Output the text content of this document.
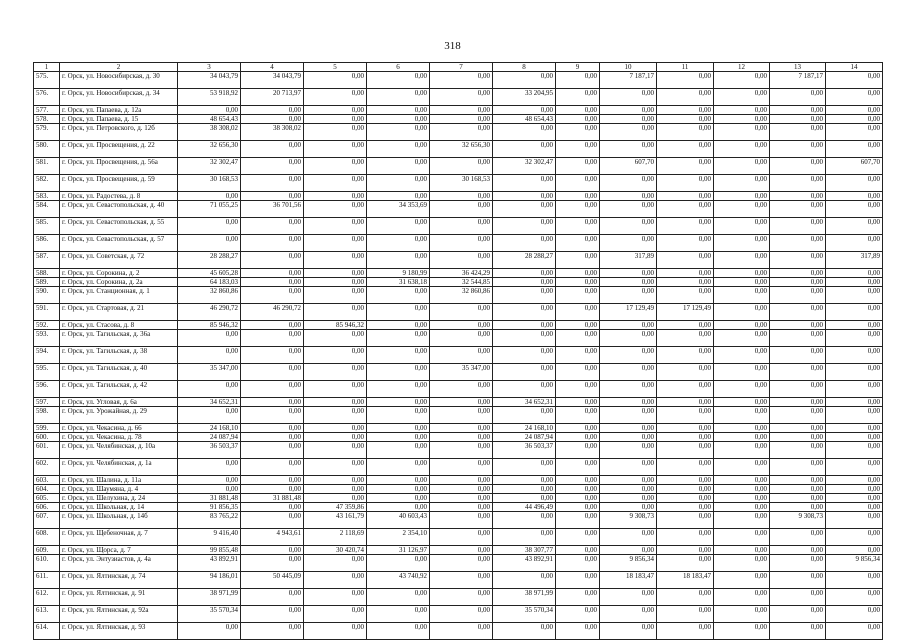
318
1	2	3	4	5	6	7	8	9	10	11	12	13	14
575.	г. Орск, ул. Новосибирская, д. 30	34 043,79	34 043,79	0,00	0,00	0,00	0,00	0,00	7 187,17	0,00	0,00	7 187,17	0,00
576.	г. Орск, ул. Новосибирская, д. 34	53 918,92	20 713,97	0,00	0,00	0,00	33 204,95	0,00	0,00	0,00	0,00	0,00	0,00
577.	г. Орск, ул. Папаева, д. 12а	0,00	0,00	0,00	0,00	0,00	0,00	0,00	0,00	0,00	0,00	0,00	0,00
578.	г. Орск, ул. Папаева, д. 15	48 654,43	0,00	0,00	0,00	0,00	48 654,43	0,00	0,00	0,00	0,00	0,00	0,00
579.	г. Орск, ул. Петровского, д. 12б	38 308,02	38 308,02	0,00	0,00	0,00	0,00	0,00	0,00	0,00	0,00	0,00	0,00
580.	г. Орск, ул. Просвещения, д. 22	32 656,30	0,00	0,00	0,00	32 656,30	0,00	0,00	0,00	0,00	0,00	0,00	0,00
581.	г. Орск, ул. Просвещения, д. 56а	32 302,47	0,00	0,00	0,00	0,00	32 302,47	0,00	607,70	0,00	0,00	0,00	607,70
582.	г. Орск, ул. Просвещения, д. 59	30 168,53	0,00	0,00	0,00	30 168,53	0,00	0,00	0,00	0,00	0,00	0,00	0,00
583.	г. Орск, ул. Радостева, д. 8	0,00	0,00	0,00	0,00	0,00	0,00	0,00	0,00	0,00	0,00	0,00	0,00
584.	г. Орск, ул. Севастопольская, д. 40	71 055,25	36 701,56	0,00	34 353,69	0,00	0,00	0,00	0,00	0,00	0,00	0,00	0,00
585.	г. Орск, ул. Севастопольская, д. 55	0,00	0,00	0,00	0,00	0,00	0,00	0,00	0,00	0,00	0,00	0,00	0,00
586.	г. Орск, ул. Севастопольская, д. 57	0,00	0,00	0,00	0,00	0,00	0,00	0,00	0,00	0,00	0,00	0,00	0,00
587.	г. Орск, ул. Советская, д. 72	28 288,27	0,00	0,00	0,00	0,00	28 288,27	0,00	317,89	0,00	0,00	0,00	317,89
588.	г. Орск, ул. Сорокина, д. 2	45 605,28	0,00	0,00	9 180,99	36 424,29	0,00	0,00	0,00	0,00	0,00	0,00	0,00
589.	г. Орск, ул. Сорокина, д. 2а	64 183,03	0,00	0,00	31 638,18	32 544,85	0,00	0,00	0,00	0,00	0,00	0,00	0,00
590.	г. Орск, ул. Станционная, д. 1	32 860,86	0,00	0,00	0,00	32 860,86	0,00	0,00	0,00	0,00	0,00	0,00	0,00
591.	г. Орск, ул. Стартовая, д. 21	46 290,72	46 290,72	0,00	0,00	0,00	0,00	0,00	17 129,49	17 129,49	0,00	0,00	0,00
592.	г. Орск, ул. Стасова, д. 8	85 946,32	0,00	85 946,32	0,00	0,00	0,00	0,00	0,00	0,00	0,00	0,00	0,00
593.	г. Орск, ул. Тагильская, д. 36а	0,00	0,00	0,00	0,00	0,00	0,00	0,00	0,00	0,00	0,00	0,00	0,00
594.	г. Орск, ул. Тагильская, д. 38	0,00	0,00	0,00	0,00	0,00	0,00	0,00	0,00	0,00	0,00	0,00	0,00
595.	г. Орск, ул. Тагильская, д. 40	35 347,00	0,00	0,00	0,00	35 347,00	0,00	0,00	0,00	0,00	0,00	0,00	0,00
596.	г. Орск, ул. Тагильская, д. 42	0,00	0,00	0,00	0,00	0,00	0,00	0,00	0,00	0,00	0,00	0,00	0,00
597.	г. Орск, ул. Угловая, д. 6а	34 652,31	0,00	0,00	0,00	0,00	34 652,31	0,00	0,00	0,00	0,00	0,00	0,00
598.	г. Орск, ул. Урожайная, д. 29	0,00	0,00	0,00	0,00	0,00	0,00	0,00	0,00	0,00	0,00	0,00	0,00
599.	г. Орск, ул. Чекасина, д. 66	24 168,10	0,00	0,00	0,00	0,00	24 168,10	0,00	0,00	0,00	0,00	0,00	0,00
600.	г. Орск, ул. Чекасина, д. 78	24 087,94	0,00	0,00	0,00	0,00	24 087,94	0,00	0,00	0,00	0,00	0,00	0,00
601.	г. Орск, ул. Челябинская, д. 10а	36 503,37	0,00	0,00	0,00	0,00	36 503,37	0,00	0,00	0,00	0,00	0,00	0,00
602.	г. Орск, ул. Челябинская, д. 1а	0,00	0,00	0,00	0,00	0,00	0,00	0,00	0,00	0,00	0,00	0,00	0,00
603.	г. Орск, ул. Шалина, д. 11а	0,00	0,00	0,00	0,00	0,00	0,00	0,00	0,00	0,00	0,00	0,00	0,00
604.	г. Орск, ул. Шаумяна, д. 4	0,00	0,00	0,00	0,00	0,00	0,00	0,00	0,00	0,00	0,00	0,00	0,00
605.	г. Орск, ул. Шелухина, д. 24	31 881,48	31 881,48	0,00	0,00	0,00	0,00	0,00	0,00	0,00	0,00	0,00	0,00
606.	г. Орск, ул. Школьная, д. 14	91 856,35	0,00	47 359,86	0,00	0,00	44 496,49	0,00	0,00	0,00	0,00	0,00	0,00
607.	г. Орск, ул. Школьная, д. 14б	83 765,22	0,00	43 161,79	40 603,43	0,00	0,00	0,00	9 308,73	0,00	0,00	9 308,73	0,00
608.	г. Орск, ул. Щебеночная, д. 7	9 416,40	4 943,61	2 118,69	2 354,10	0,00	0,00	0,00	0,00	0,00	0,00	0,00	0,00
609.	г. Орск, ул. Щорса, д. 7	99 855,48	0,00	30 420,74	31 126,97	0,00	38 307,77	0,00	0,00	0,00	0,00	0,00	0,00
610.	г. Орск, ул. Энтузиастов, д. 4а	43 892,91	0,00	0,00	0,00	0,00	43 892,91	0,00	9 856,34	0,00	0,00	0,00	9 856,34
611.	г. Орск, ул. Ялтинская, д. 74	94 186,01	50 445,09	0,00	43 740,92	0,00	0,00	0,00	18 183,47	18 183,47	0,00	0,00	0,00
612.	г. Орск, ул. Ялтинская, д. 91	38 971,99	0,00	0,00	0,00	0,00	38 971,99	0,00	0,00	0,00	0,00	0,00	0,00
613.	г. Орск, ул. Ялтинская, д. 92а	35 570,34	0,00	0,00	0,00	0,00	35 570,34	0,00	0,00	0,00	0,00	0,00	0,00
614.	г. Орск, ул. Ялтинская, д. 93	0,00	0,00	0,00	0,00	0,00	0,00	0,00	0,00	0,00	0,00	0,00	0,00
